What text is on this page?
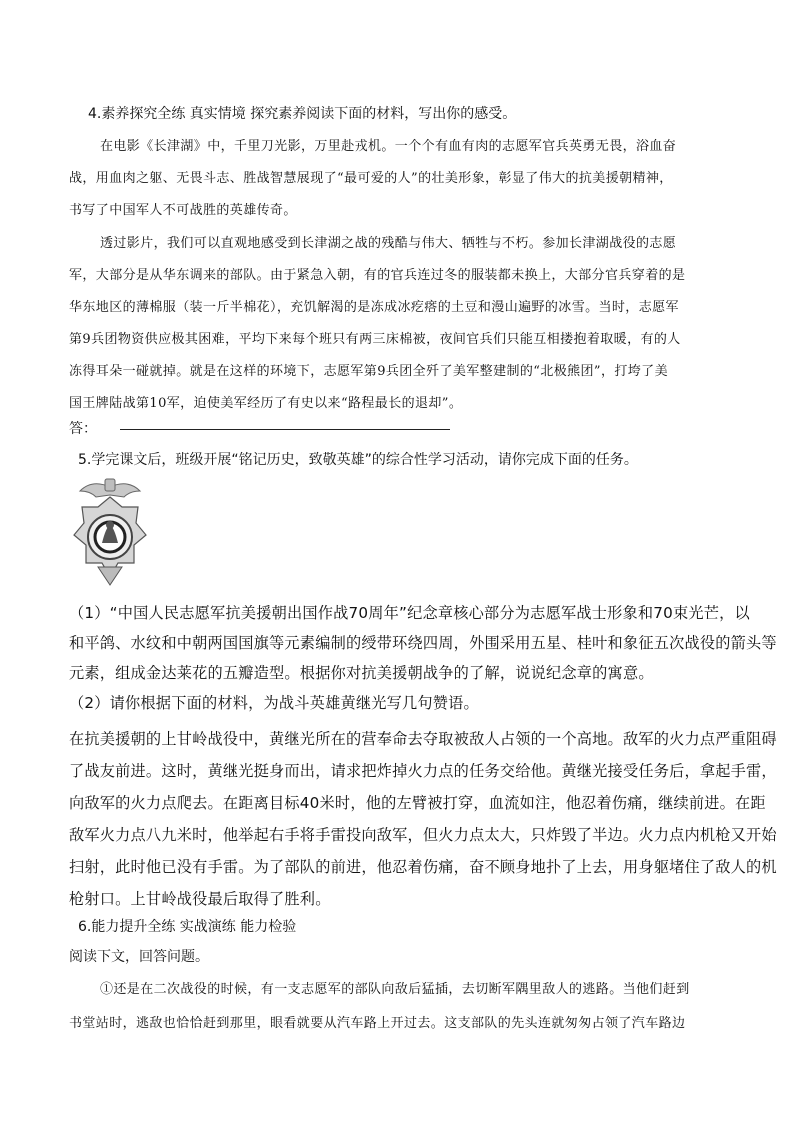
4.素养探究全练 真实情境 探究素养阅读下面的材料，写出你的感受。
在电影《长津湖》中，千里刀光影，万里赴戎机。一个个有血有肉的志愿军官兵英勇无畏，浴血奋
战，用血肉之躯、无畏斗志、胜战智慧展现了“最可爱的人”的壮美形象，彰显了伟大的抗美援朝精神，
书写了中国军人不可战胜的英雄传奇。
透过影片，我们可以直观地感受到长津湖之战的残酷与伟大、牺牲与不朽。参加长津湖战役的志愿
军，大部分是从华东调来的部队。由于紧急入朝，有的官兵连过冬的服装都未换上，大部分官兵穿着的是
华东地区的薄棉服（装一斤半棉花），充饥解渴的是冻成冰疙瘩的土豆和漫山遍野的冰雪。当时，志愿军
第9兵团物资供应极其困难，平均下来每个班只有两三床棉被，夜间官兵们只能互相搂抱着取暖，有的人
冻得耳朵一碰就掉。就是在这样的环境下，志愿军第9兵团全歼了美军整建制的“北极熊团”，打垮了美
国王牌陆战第10军，迫使美军经历了有史以来“路程最长的退却”。
答：
5.学完课文后，班级开展“铭记历史，致敬英雄”的综合性学习活动，请你完成下面的任务。
（1）“中国人民志愿军抗美援朝出国作战70周年”纪念章核心部分为志愿军战士形象和70束光芒，以
和平鸽、水纹和中朝两国国旗等元素编制的绶带环绕四周，外围采用五星、桂叶和象征五次战役的箭头等
元素，组成金达莱花的五瓣造型。根据你对抗美援朝战争的了解，说说纪念章的寓意。
（2）请你根据下面的材料，为战斗英雄黄继光写几句赞语。
在抗美援朝的上甘岭战役中，黄继光所在的营奉命去夺取被敌人占领的一个高地。敌军的火力点严重阻碍
了战友前进。这时，黄继光挺身而出，请求把炸掉火力点的任务交给他。黄继光接受任务后，拿起手雷，
向敌军的火力点爬去。在距离目标40米时，他的左臂被打穿，血流如注，他忍着伤痛，继续前进。在距
敌军火力点八九米时，他举起右手将手雷投向敌军，但火力点太大，只炸毁了半边。火力点内机枪又开始
扫射，此时他已没有手雷。为了部队的前进，他忍着伤痛，奋不顾身地扑了上去，用身躯堵住了敌人的机
枪射口。上甘岭战役最后取得了胜利。
6.能力提升全练 实战演练 能力检验
阅读下文，回答问题。
①还是在二次战役的时候，有一支志愿军的部队向敌后猛插，去切断军隅里敌人的逃路。当他们赶到
书堂站时，逃敌也恰恰赶到那里，眼看就要从汽车路上开过去。这支部队的先头连就匆匆占领了汽车路边
